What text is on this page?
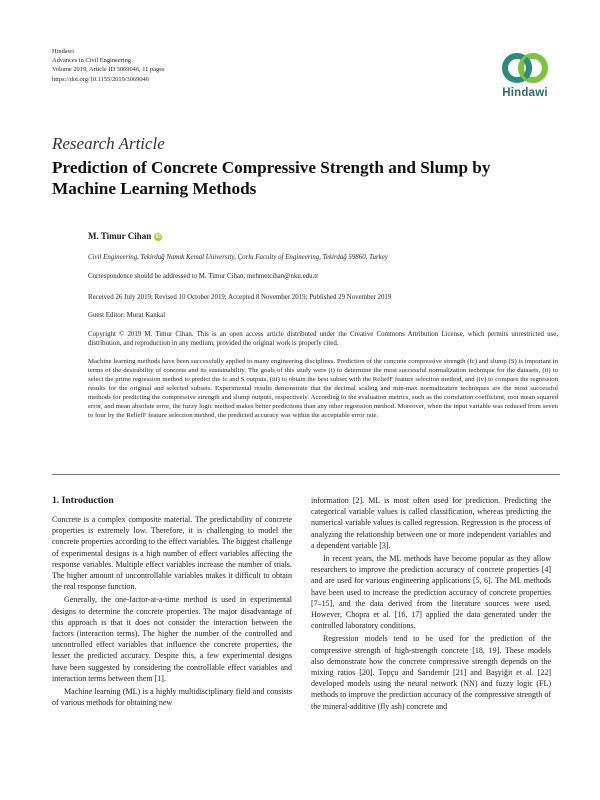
Hindawi
Advances in Civil Engineering
Volume 2019, Article ID 3069046, 11 pages
https://doi.org/10.1155/2019/3069046
Hindawi
Research Article
Prediction of Concrete Compressive Strength and Slump by Machine Learning Methods
M. Timur Cihan iD
Civil Engineering, Tekirdağ Namık Kemal University, Çorlu Faculty of Engineering, Tekirdağ 59860, Turkey
Correspondence should be addressed to M. Timur Cihan; mehmetcihan@nku.edu.tr
Received 26 July 2019; Revised 10 October 2019; Accepted 8 November 2019; Published 29 November 2019
Guest Editor: Murat Kankal
Copyright © 2019 M. Timur Cihan. This is an open access article distributed under the Creative Commons Attribution License, which permits unrestricted use, distribution, and reproduction in any medium, provided the original work is properly cited.
Machine learning methods have been successfully applied to many engineering disciplines. Prediction of the concrete compressive strength (fc) and slump (S) is important in terms of the desirability of concrete and its sustainability. The goals of this study were (i) to determine the most successful normalization technique for the datasets, (ii) to select the prime regression method to predict the fc and S outputs, (iii) to obtain the best subset with the ReliefF feature selection method, and (iv) to compare the regression results for the original and selected subsets. Experimental results demonstrate that the decimal scaling and min-max normalization techniques are the most successful methods for predicting the compressive strength and slump outputs, respectively. According to the evaluation metrics, such as the correlation coefficient, root mean squared error, and mean absolute error, the fuzzy logic method makes better predictions than any other regression method. Moreover, when the input variable was reduced from seven to four by the ReliefF feature selection method, the predicted accuracy was within the acceptable error rate.
1. Introduction

Concrete is a complex composite material. The predictability of concrete properties is extremely low. Therefore, it is challenging to model the concrete properties according to the effect variables. The biggest challenge of experimental designs is a high number of effect variables affecting the response variables. Multiple effect variables increase the number of trials. The higher amount of uncontrollable variables makes it difficult to obtain the real response function.

Generally, the one-factor-at-a-time method is used in experimental designs to determine the concrete properties. The major disadvantage of this approach is that it does not consider the interaction between the factors (interaction terms). The higher the number of the controlled and uncontrolled effect variables that influence the concrete properties, the lesser the predicted accuracy. Despite this, a few experimental designs have been suggested by considering the controllable effect variables and interaction terms between them [1].

Machine learning (ML) is a highly multidisciplinary field and consists of various methods for obtaining new

information [2]. ML is most often used for prediction. Predicting the categorical variable values is called classification, whereas predicting the numerical variable values is called regression. Regression is the process of analyzing the relationship between one or more independent variables and a dependent variable [3].

In recent years, the ML methods have become popular as they allow researchers to improve the prediction accuracy of concrete properties [4] and are used for various engineering applications [5, 6]. The ML methods have been used to increase the prediction accuracy of concrete properties [7–15], and the data derived from the literature sources were used. However, Chopra et al. [16, 17] applied the data generated under the controlled laboratory conditions.

Regression models tend to be used for the prediction of the compressive strength of high-strength concrete [18, 19]. These models also demonstrate how the concrete compressive strength depends on the mixing ratios [20]. Topçu and Sarıdemir [21] and Başyiğit et al. [22] developed models using the neural network (NN) and fuzzy logic (FL) methods to improve the prediction accuracy of the compressive strength of the mineral-additive (fly ash) concrete and
